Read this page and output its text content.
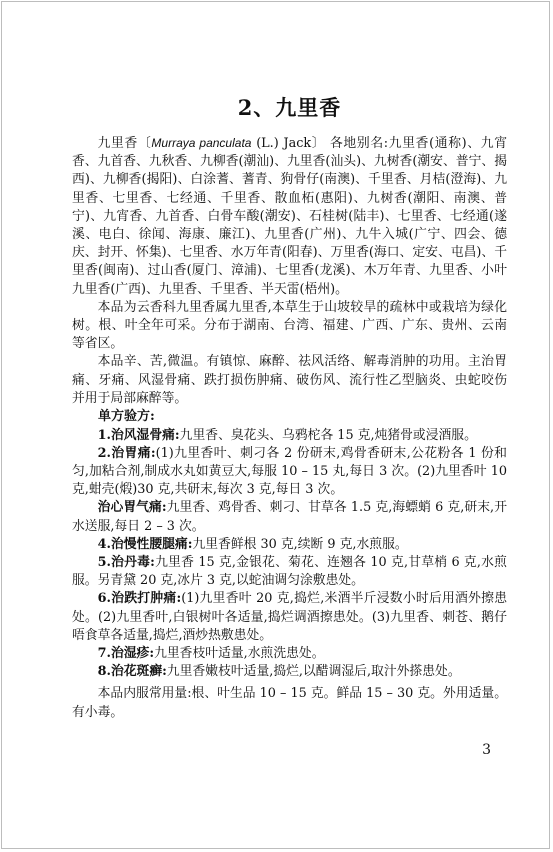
2、九里香

九里香〔Murraya panculata (L.) Jack〕 各地别名:九里香(通称)、九宵香、九首香、九秋香、九柳香(潮汕)、九里香(汕头)、九树香(潮安、普宁、揭西)、九柳香(揭阳)、白涂蓍、蓍青、狗骨仔(南澳)、千里香、月桔(澄海)、九里香、七里香、七经通、千里香、散血柘(惠阳)、九树香(潮阳、南澳、普宁)、九宵香、九首香、白骨车酸(潮安)、石桂树(陆丰)、七里香、七经通(遂溪、电白、徐闻、海康、廉江)、九里香(广州)、九牛入城(广宁、四会、德庆、封开、怀集)、七里香、水万年青(阳春)、万里香(海口、定安、屯昌)、千里香(闽南)、过山香(厦门、漳浦)、七里香(龙溪)、木万年青、九里香、小叶九里香(广西)、九里香、千里香、半天雷(梧州)。

本品为云香科九里香属九里香,本草生于山坡较旱的疏林中或栽培为绿化树。根、叶全年可采。分布于湖南、台湾、福建、广西、广东、贵州、云南等省区。

本品辛、苦,微温。有镇惊、麻醉、祛风活络、解毒消肿的功用。主治胃痛、牙痛、风湿骨痛、跌打损伤肿痛、破伤风、流行性乙型脑炎、虫蛇咬伤并用于局部麻醉等。

单方验方:

1.治风湿骨痛:九里香、臭花头、乌鸦柁各 15 克,炖猪骨或浸酒服。

2.治胃痛:(1)九里香叶、刺刁各 2 份研末,鸡骨香研末,公花粉各 1 份和匀,加粘合剂,制成水丸如黄豆大,每服 10 – 15 丸,每日 3 次。(2)九里香叶 10 克,蚶壳(煅)30 克,共研末,每次 3 克,每日 3 次。

治心胃气痛:九里香、鸡骨香、刺刁、甘草各 1.5 克,海螵蛸 6 克,研末,开水送服,每日 2 – 3 次。

4.治慢性腰腿痛:九里香鲜根 30 克,续断 9 克,水煎服。

5.治丹毒:九里香 15 克,金银花、菊花、连翘各 10 克,甘草梢 6 克,水煎服。另青黛 20 克,冰片 3 克,以蛇油调匀涂敷患处。

6.治跌打肿痛:(1)九里香叶 20 克,捣烂,米酒半斤浸数小时后用酒外擦患处。(2)九里香叶,白银树叶各适量,捣烂调酒擦患处。(3)九里香、刺苍、鹅仔唔食草各适量,捣烂,酒炒热敷患处。

7.治湿疹:九里香枝叶适量,水煎洗患处。

8.治花斑癣:九里香嫩枝叶适量,捣烂,以醋调湿后,取汁外搽患处。

本品内服常用量:根、叶生品 10 – 15 克。鲜品 15 – 30 克。外用适量。有小毒。

3
